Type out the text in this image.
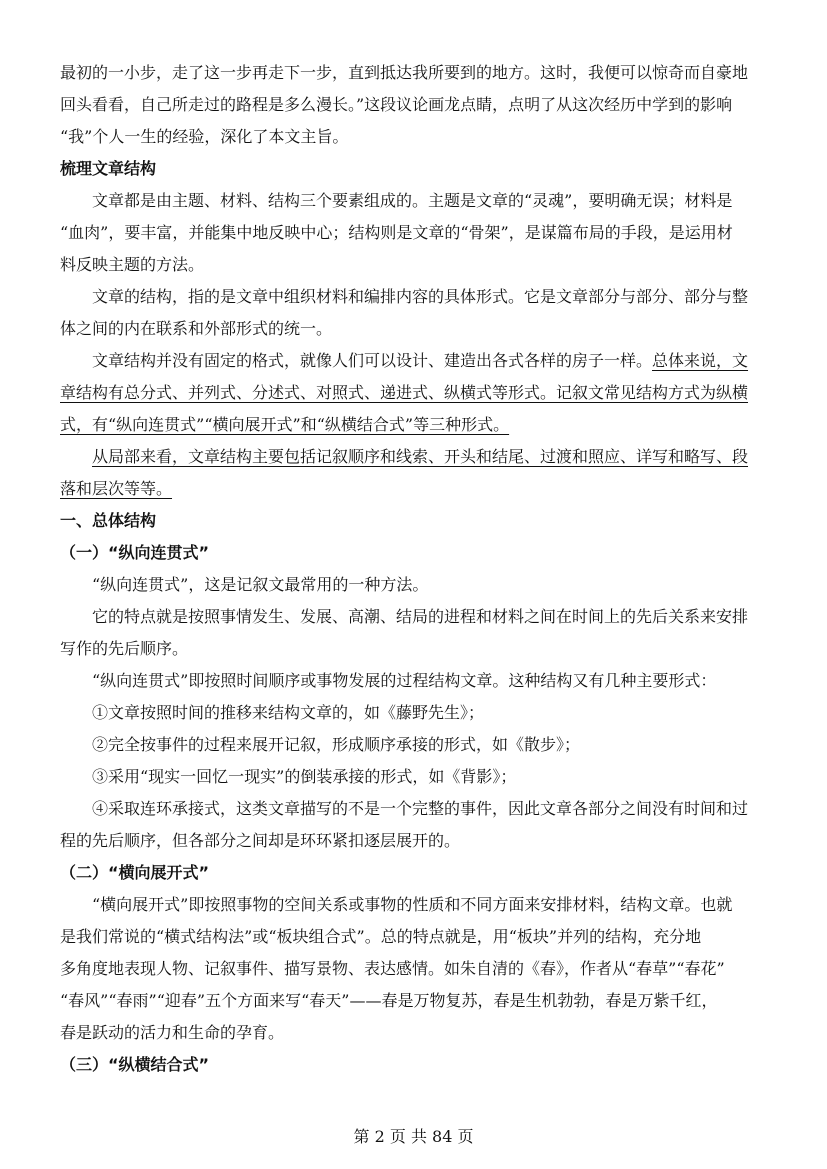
最初的一小步，走了这一步再走下一步，直到抵达我所要到的地方。这时，我便可以惊奇而自豪地
回头看看，自己所走过的路程是多么漫长。”这段议论画龙点睛，点明了从这次经历中学到的影响
“我”个人一生的经验，深化了本文主旨。
梳理文章结构
文章都是由主题、材料、结构三个要素组成的。主题是文章的“灵魂”，要明确无误；材料是
“血肉”，要丰富，并能集中地反映中心；结构则是文章的“骨架”，是谋篇布局的手段，是运用材
料反映主题的方法。
文章的结构，指的是文章中组织材料和编排内容的具体形式。它是文章部分与部分、部分与整
体之间的内在联系和外部形式的统一。
文章结构并没有固定的格式，就像人们可以设计、建造出各式各样的房子一样。总体来说，文
章结构有总分式、并列式、分述式、对照式、递进式、纵横式等形式。记叙文常见结构方式为纵横
式，有“纵向连贯式”“横向展开式”和“纵横结合式”等三种形式。
从局部来看，文章结构主要包括记叙顺序和线索、开头和结尾、过渡和照应、详写和略写、段
落和层次等等。
一、总体结构
（一）“纵向连贯式”
“纵向连贯式”，这是记叙文最常用的一种方法。
它的特点就是按照事情发生、发展、高潮、结局的进程和材料之间在时间上的先后关系来安排
写作的先后顺序。
“纵向连贯式”即按照时间顺序或事物发展的过程结构文章。这种结构又有几种主要形式：
①文章按照时间的推移来结构文章的，如《藤野先生》；
②完全按事件的过程来展开记叙，形成顺序承接的形式，如《散步》；
③采用“现实一回忆一现实”的倒装承接的形式，如《背影》；
④采取连环承接式，这类文章描写的不是一个完整的事件，因此文章各部分之间没有时间和过
程的先后顺序，但各部分之间却是环环紧扣逐层展开的。
（二）“横向展开式”
“横向展开式”即按照事物的空间关系或事物的性质和不同方面来安排材料，结构文章。也就
是我们常说的“横式结构法”或“板块组合式”。总的特点就是，用“板块”并列的结构，充分地
多角度地表现人物、记叙事件、描写景物、表达感情。如朱自清的《春》，作者从“春草”“春花”
“春风”“春雨”“迎春”五个方面来写“春天”——春是万物复苏，春是生机勃勃，春是万紫千红，
春是跃动的活力和生命的孕育。
（三）“纵横结合式”
第 2 页 共 84 页
